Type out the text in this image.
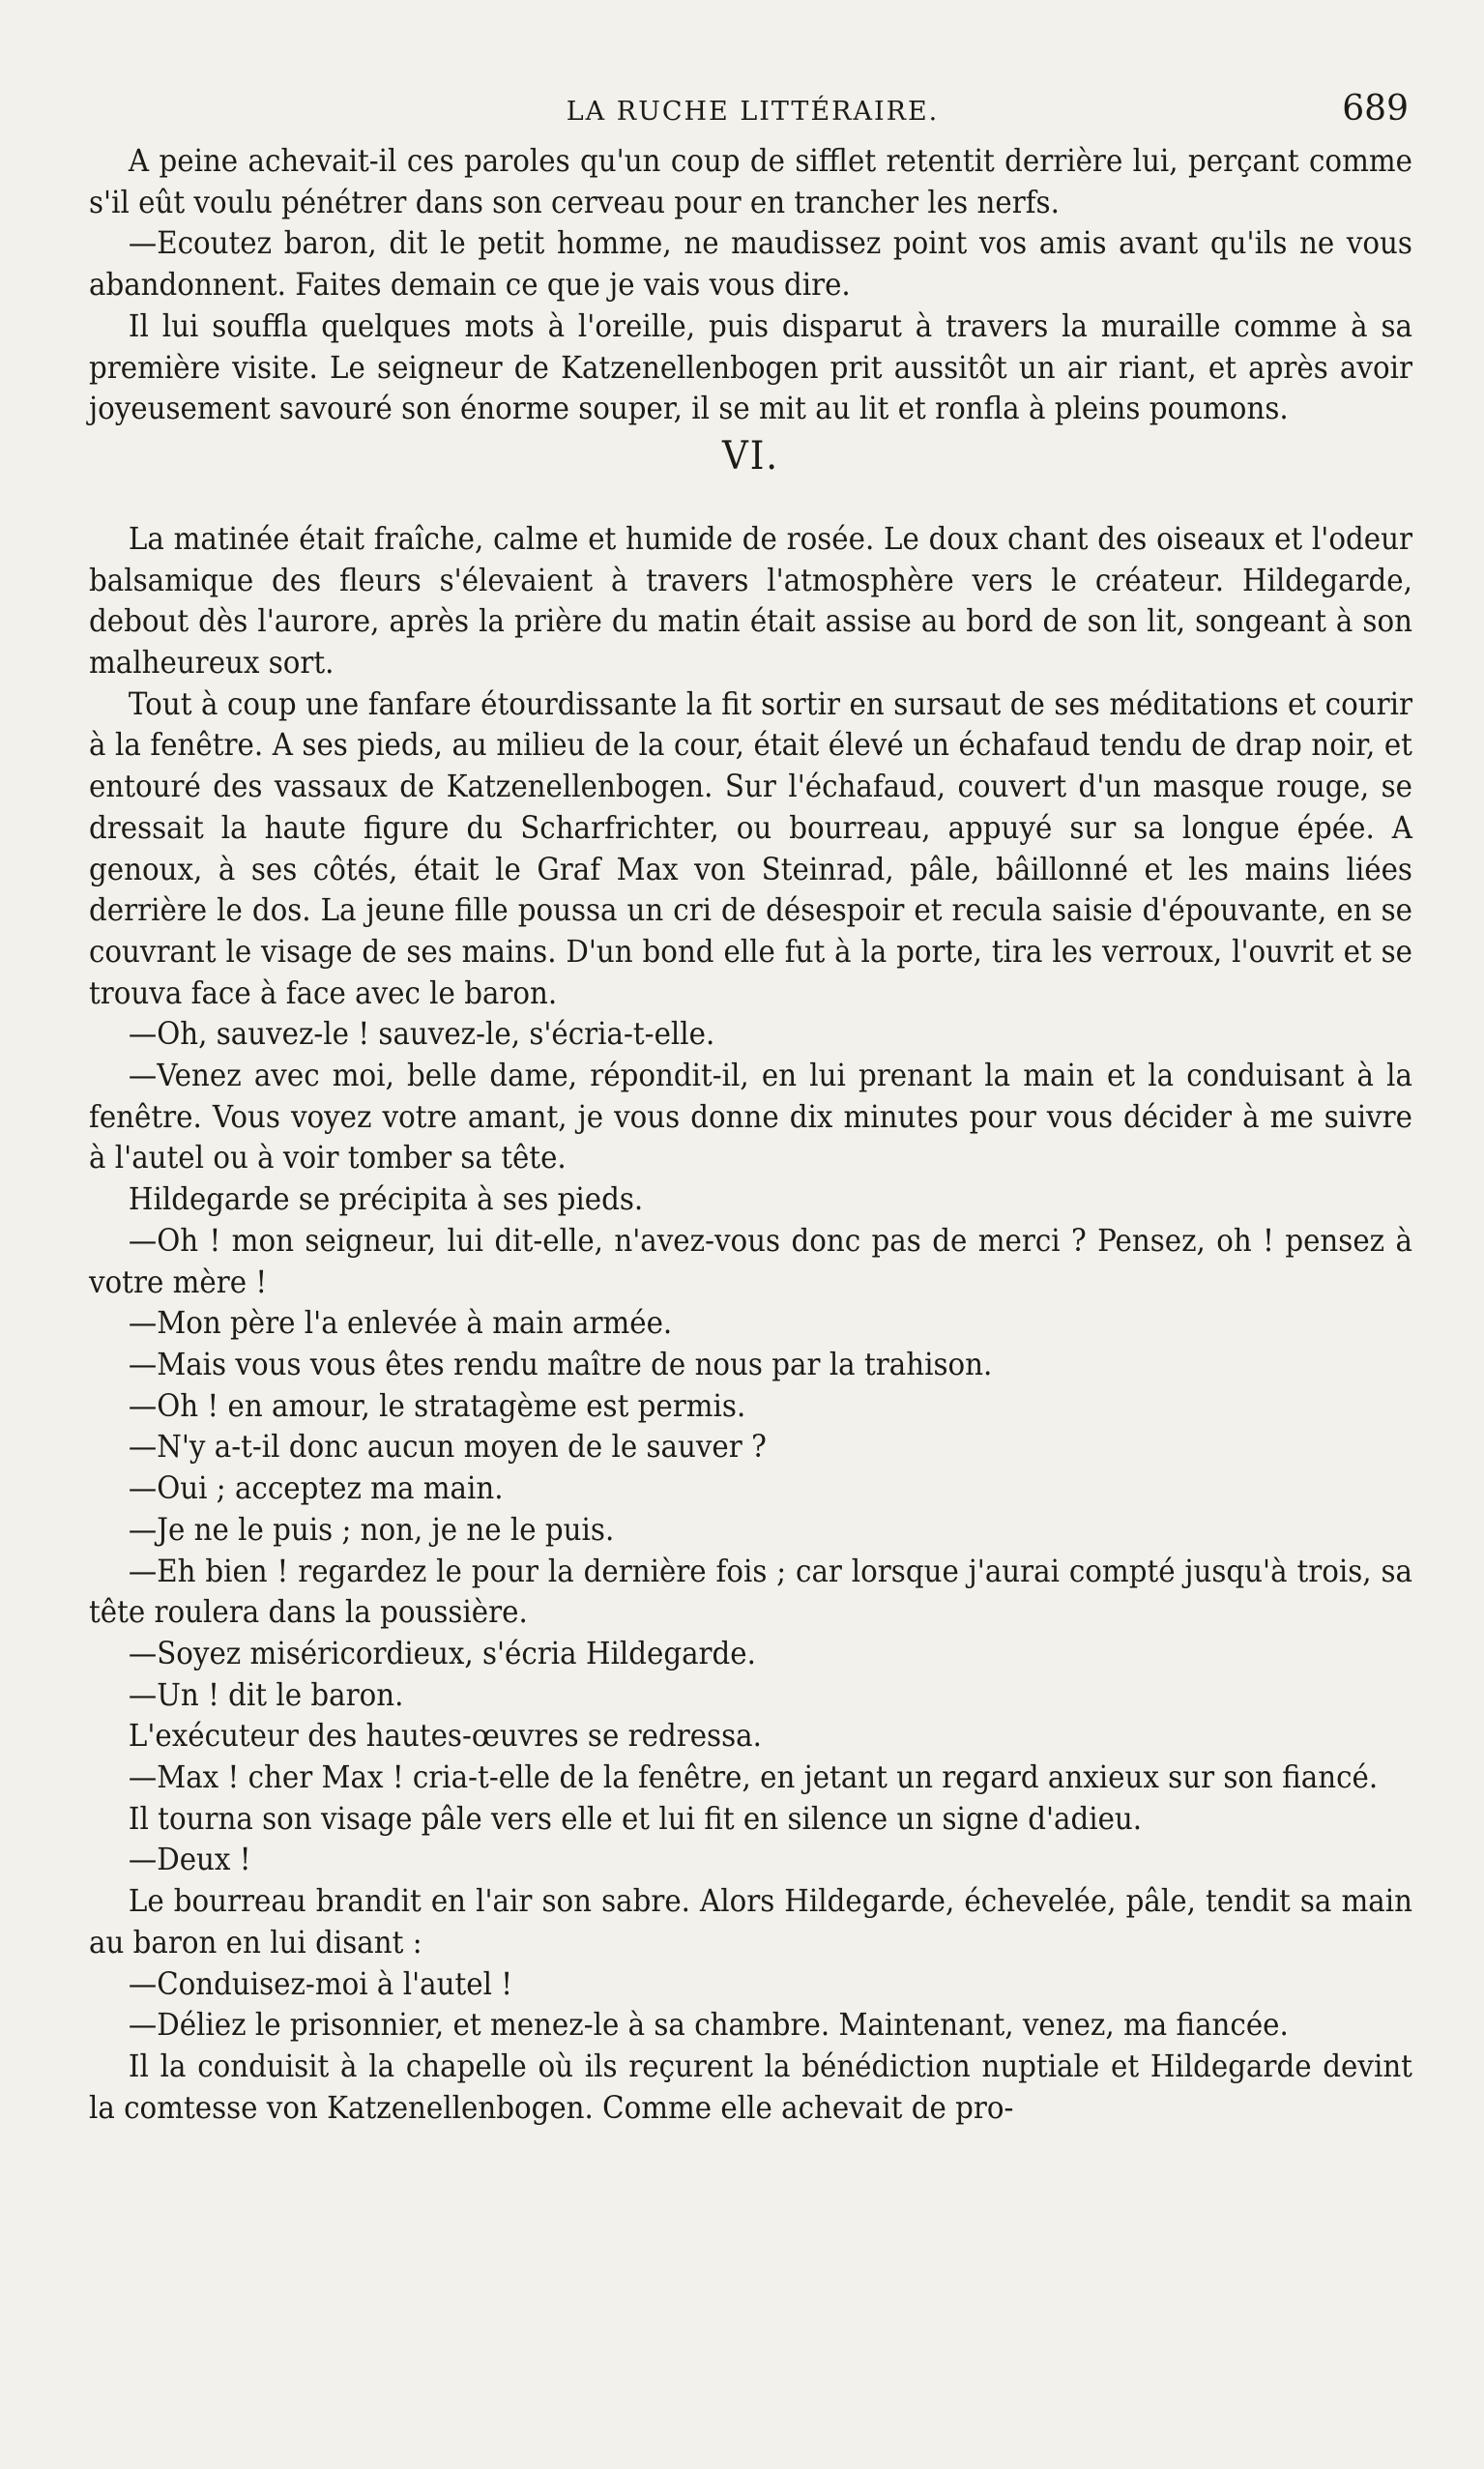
LA RUCHE LITTÉRAIRE.	689

A peine achevait-il ces paroles qu'un coup de sifflet retentit derrière lui, perçant comme s'il eût voulu pénétrer dans son cerveau pour en trancher les nerfs.

—Ecoutez baron, dit le petit homme, ne maudissez point vos amis avant qu'ils ne vous abandonnent. Faites demain ce que je vais vous dire.

Il lui souffla quelques mots à l'oreille, puis disparut à travers la muraille comme à sa première visite. Le seigneur de Katzenellenbogen prit aussitôt un air riant, et après avoir joyeusement savouré son énorme souper, il se mit au lit et ronfla à pleins poumons.

VI.

La matinée était fraîche, calme et humide de rosée. Le doux chant des oiseaux et l'odeur balsamique des fleurs s'élevaient à travers l'atmosphère vers le créateur. Hildegarde, debout dès l'aurore, après la prière du matin était assise au bord de son lit, songeant à son malheureux sort.

Tout à coup une fanfare étourdissante la fit sortir en sursaut de ses méditations et courir à la fenêtre. A ses pieds, au milieu de la cour, était élevé un échafaud tendu de drap noir, et entouré des vassaux de Katzenellenbogen. Sur l'échafaud, couvert d'un masque rouge, se dressait la haute figure du Scharfrichter, ou bourreau, appuyé sur sa longue épée. A genoux, à ses côtés, était le Graf Max von Steinrad, pâle, bâillonné et les mains liées derrière le dos. La jeune fille poussa un cri de désespoir et recula saisie d'épouvante, en se couvrant le visage de ses mains. D'un bond elle fut à la porte, tira les verroux, l'ouvrit et se trouva face à face avec le baron.

—Oh, sauvez-le ! sauvez-le, s'écria-t-elle.

—Venez avec moi, belle dame, répondit-il, en lui prenant la main et la conduisant à la fenêtre. Vous voyez votre amant, je vous donne dix minutes pour vous décider à me suivre à l'autel ou à voir tomber sa tête.

Hildegarde se précipita à ses pieds.

—Oh ! mon seigneur, lui dit-elle, n'avez-vous donc pas de merci ? Pensez, oh ! pensez à votre mère !

—Mon père l'a enlevée à main armée.

—Mais vous vous êtes rendu maître de nous par la trahison.

—Oh ! en amour, le stratagème est permis.

—N'y a-t-il donc aucun moyen de le sauver ?

—Oui ; acceptez ma main.

—Je ne le puis ; non, je ne le puis.

—Eh bien ! regardez le pour la dernière fois ; car lorsque j'aurai compté jusqu'à trois, sa tête roulera dans la poussière.

—Soyez miséricordieux, s'écria Hildegarde.

—Un ! dit le baron.

L'exécuteur des hautes-œuvres se redressa.

—Max ! cher Max ! cria-t-elle de la fenêtre, en jetant un regard anxieux sur son fiancé.

Il tourna son visage pâle vers elle et lui fit en silence un signe d'adieu.

—Deux !

Le bourreau brandit en l'air son sabre. Alors Hildegarde, échevelée, pâle, tendit sa main au baron en lui disant :

—Conduisez-moi à l'autel !

—Déliez le prisonnier, et menez-le à sa chambre. Maintenant, venez, ma fiancée.

Il la conduisit à la chapelle où ils reçurent la bénédiction nuptiale et Hildegarde devint la comtesse von Katzenellenbogen. Comme elle achevait de pro-
